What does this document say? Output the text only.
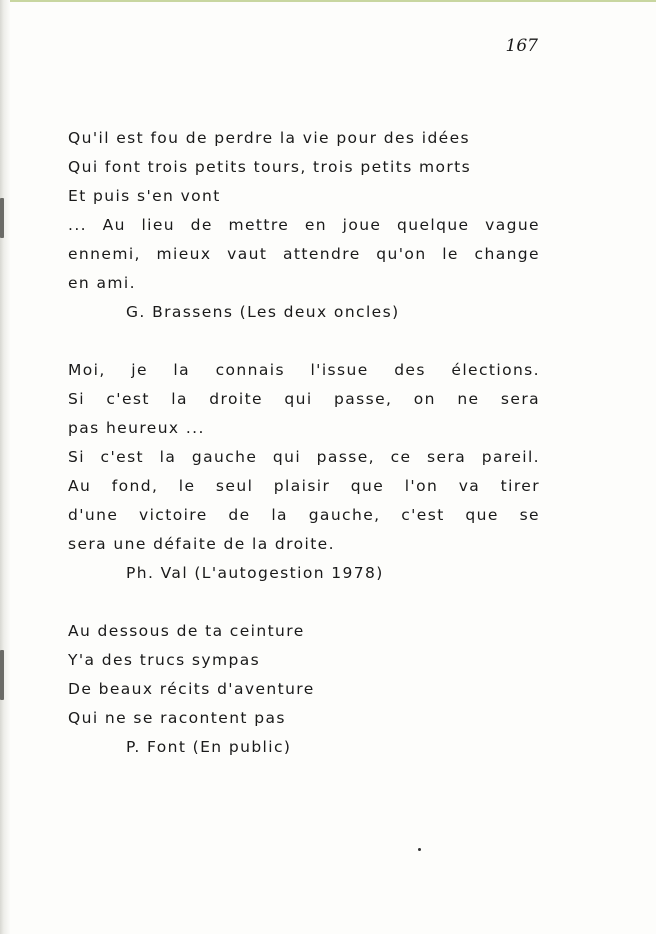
167
Qu'il est fou de perdre la vie pour des idées
Qui font trois petits tours, trois petits morts
Et puis s'en vont
... Au lieu de mettre en joue quelque vague
ennemi, mieux vaut attendre qu'on le change
en ami.
G. Brassens (Les deux oncles)
Moi, je la connais l'issue des élections.
Si c'est la droite qui passe, on ne sera
pas heureux ...
Si c'est la gauche qui passe, ce sera pareil.
Au fond, le seul plaisir que l'on va tirer
d'une victoire de la gauche, c'est que se
sera une défaite de la droite.
Ph. Val (L'autogestion 1978)
Au dessous de ta ceinture
Y'a des trucs sympas
De beaux récits d'aventure
Qui ne se racontent pas
P. Font (En public)
